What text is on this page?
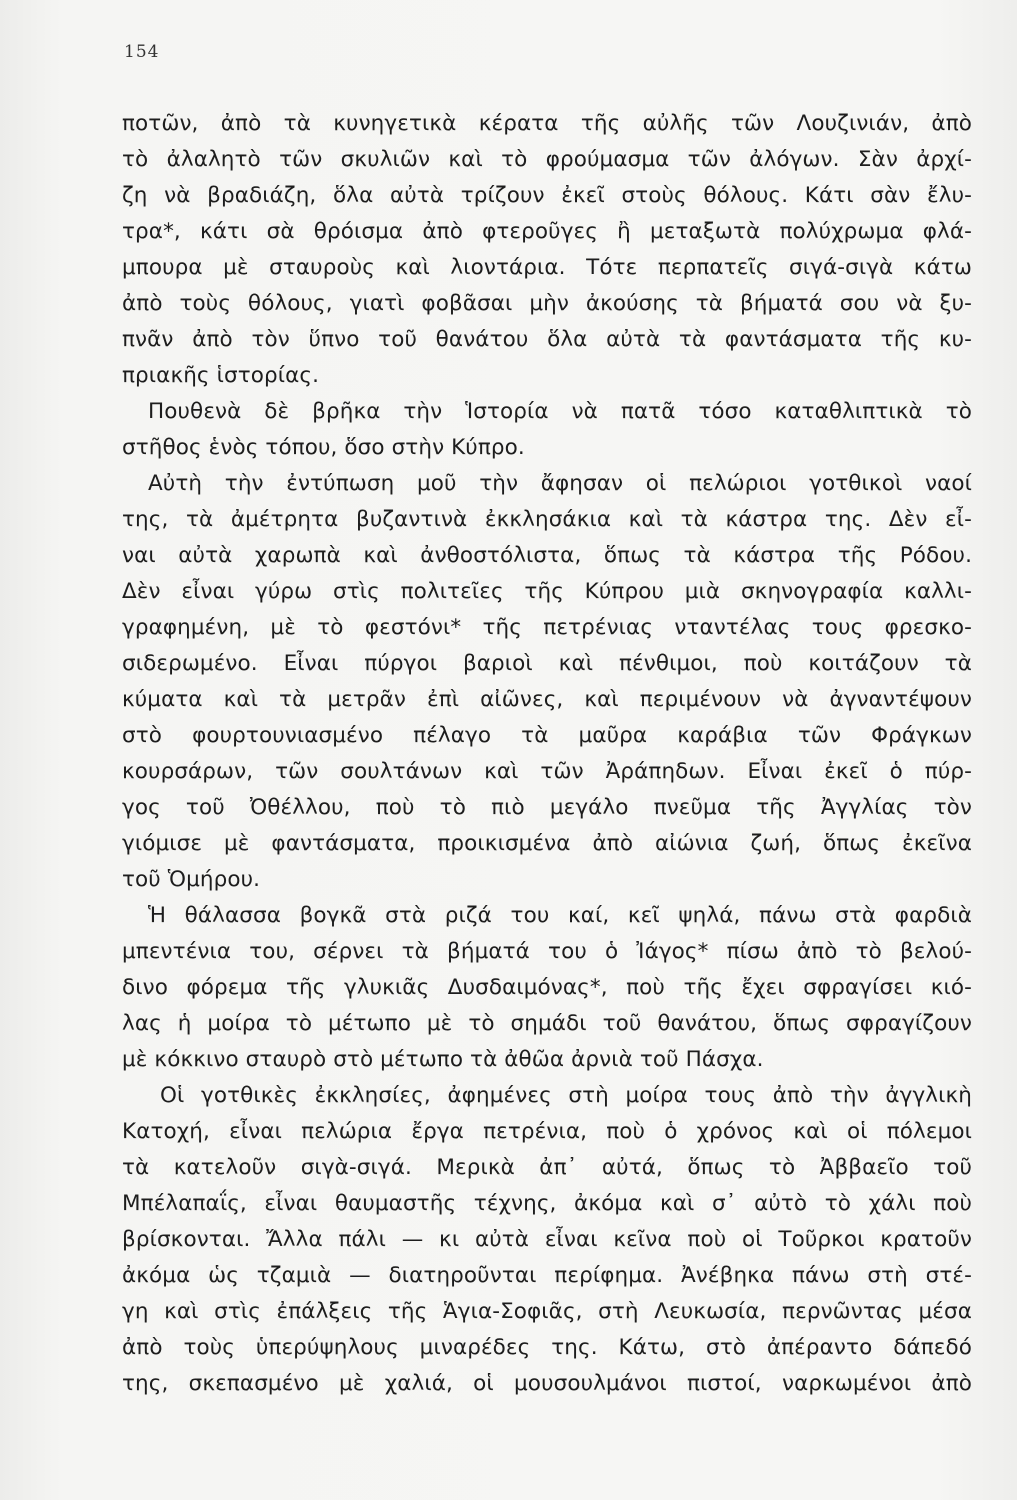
154
ποτῶν, ἀπὸ τὰ κυνηγετικὰ κέρατα τῆς αὐλῆς τῶν Λουζινιάν, ἀπὸ
τὸ ἀλαλητὸ τῶν σκυλιῶν καὶ τὸ φρούμασμα τῶν ἀλόγων. Σὰν ἀρχί-
ζη νὰ βραδιάζη, ὅλα αὐτὰ τρίζουν ἐκεῖ στοὺς θόλους. Κάτι σὰν ἔλυ-
τρα*, κάτι σὰ θρόισμα ἀπὸ φτεροῦγες ἢ μεταξωτὰ πολύχρωμα φλά-
μπουρα μὲ σταυροὺς καὶ λιοντάρια. Τότε περπατεῖς σιγά-σιγὰ κάτω
ἀπὸ τοὺς θόλους, γιατὶ φοβᾶσαι μὴν ἀκούσης τὰ βήματά σου νὰ ξυ-
πνᾶν ἀπὸ τὸν ὕπνο τοῦ θανάτου ὅλα αὐτὰ τὰ φαντάσματα τῆς κυ-
πριακῆς ἱστορίας.
Πουθενὰ δὲ βρῆκα τὴν Ἱστορία νὰ πατᾶ τόσο καταθλιπτικὰ τὸ
στῆθος ἑνὸς τόπου, ὅσο στὴν Κύπρο.
Αὐτὴ τὴν ἐντύπωση μοῦ τὴν ἄφησαν οἱ πελώριοι γοτθικοὶ ναοί
της, τὰ ἀμέτρητα βυζαντινὰ ἐκκλησάκια καὶ τὰ κάστρα της. Δὲν εἶ-
ναι αὐτὰ χαρωπὰ καὶ ἀνθοστόλιστα, ὅπως τὰ κάστρα τῆς Ρόδου.
Δὲν εἶναι γύρω στὶς πολιτεῖες τῆς Κύπρου μιὰ σκηνογραφία καλλι-
γραφημένη, μὲ τὸ φεστόνι* τῆς πετρένιας νταντέλας τους φρεσκο-
σιδερωμένο. Εἶναι πύργοι βαριοὶ καὶ πένθιμοι, ποὺ κοιτάζουν τὰ
κύματα καὶ τὰ μετρᾶν ἐπὶ αἰῶνες, καὶ περιμένουν νὰ ἀγναντέψουν
στὸ φουρτουνιασμένο πέλαγο τὰ μαῦρα καράβια τῶν Φράγκων
κουρσάρων, τῶν σουλτάνων καὶ τῶν Ἀράπηδων. Εἶναι ἐκεῖ ὁ πύρ-
γος τοῦ Ὀθέλλου, ποὺ τὸ πιὸ μεγάλο πνεῦμα τῆς Ἀγγλίας τὸν
γιόμισε μὲ φαντάσματα, προικισμένα ἀπὸ αἰώνια ζωή, ὅπως ἐκεῖνα
τοῦ Ὁμήρου.
Ἡ θάλασσα βογκᾶ στὰ ριζά του καί, κεῖ ψηλά, πάνω στὰ φαρδιὰ
μπεντένια του, σέρνει τὰ βήματά του ὁ Ἰάγος* πίσω ἀπὸ τὸ βελού-
δινο φόρεμα τῆς γλυκιᾶς Δυσδαιμόνας*, ποὺ τῆς ἔχει σφραγίσει κιό-
λας ἡ μοίρα τὸ μέτωπο μὲ τὸ σημάδι τοῦ θανάτου, ὅπως σφραγίζουν
μὲ κόκκινο σταυρὸ στὸ μέτωπο τὰ ἀθῶα ἀρνιὰ τοῦ Πάσχα.
Οἱ γοτθικὲς ἐκκλησίες, ἀφημένες στὴ μοίρα τους ἀπὸ τὴν ἀγγλικὴ
Κατοχή, εἶναι πελώρια ἔργα πετρένια, ποὺ ὁ χρόνος καὶ οἱ πόλεμοι
τὰ κατελοῦν σιγὰ-σιγά. Μερικὰ ἀπ᾽ αὐτά, ὅπως τὸ Ἀββαεῖο τοῦ
Μπέλαπαΐς, εἶναι θαυμαστῆς τέχνης, ἀκόμα καὶ σ᾽ αὐτὸ τὸ χάλι ποὺ
βρίσκονται. Ἄλλα πάλι — κι αὐτὰ εἶναι κεῖνα ποὺ οἱ Τοῦρκοι κρατοῦν
ἀκόμα ὡς τζαμιὰ — διατηροῦνται περίφημα. Ἀνέβηκα πάνω στὴ στέ-
γη καὶ στὶς ἐπάλξεις τῆς Ἁγια-Σοφιᾶς, στὴ Λευκωσία, περνῶντας μέσα
ἀπὸ τοὺς ὑπερύψηλους μιναρέδες της. Κάτω, στὸ ἀπέραντο δάπεδό
της, σκεπασμένο μὲ χαλιά, οἱ μουσουλμάνοι πιστοί, ναρκωμένοι ἀπὸ
